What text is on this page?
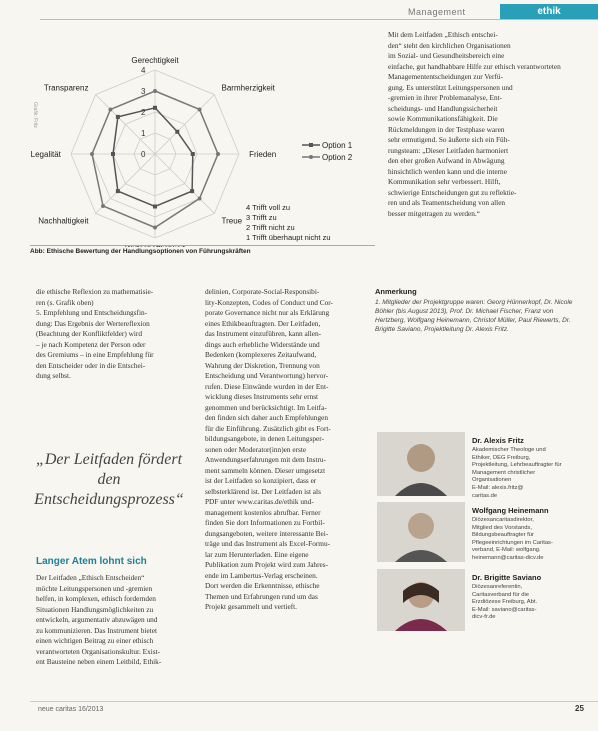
Management	ethik
4
3
2
1
0
Gerechtigkeit
Barmherzigkeit
Frieden
Treue
Nachhaltigkeit
Legalität
Transparenz
Option 1
Option 2
4 Trifft voll zu
3 Trifft zu
2 Trifft nicht zu
1 Trifft überhaupt nicht zu
Grafik: Fritz
Abb: Ethische Bewertung der Handlungsoptionen von Führungskräften

die ethische Reflexion zu mathematisie-

ren (s. Grafik oben)

5. Empfehlung und Entscheidungsfin-

dung: Das Ergebnis der Wertereflexion

(Beachtung der Konfliktfelder) wird

– je nach Kompetenz der Person oder

des Gremiums – in eine Empfehlung für

den Entscheider oder in die Entschei-

dung selbst.

„Der Leitfaden fördert den Entscheidungsprozess“
Langer Atem lohnt sich

Der Leitfaden „Ethisch Entscheiden“

möchte Leitungspersonen und -gremien

helfen, in komplexen, ethisch fordernden

Situationen Handlungsmöglichkeiten zu

entwickeln, argumentativ abzuwägen und

zu kommunizieren. Das Instrument bietet

einen wichtigen Beitrag zu einer ethisch

verantworteten Organisationskultur. Exist-

ent Bausteine neben einem Leitbild, Ethik-

delinien, Corporate-Social-Responsibi-

lity-Konzepten, Codes of Conduct und Cor-

porate Governance nicht nur als Erklärung

eines Ethikbeauftragten. Der Leitfaden,

das Instrument einzuführen, kann allen-

dings auch erhebliche Widerstände und

Bedenken (komplexeres Zeitaufwand,

Wahrung der Diskretion, Trennung von

Entscheidung und Verantwortung) hervor-

rufen. Diese Einwände wurden in der Ent-

wicklung dieses Instruments sehr ernst

genommen und berücksichtigt. Im Leitfa-

den finden sich daher auch Empfehlungen

für die Einführung. Zusätzlich gibt es Fort-

bildungsangebote, in denen Leitungsper-

sonen oder Moderator(inn)en erste

Anwendungserfahrungen mit dem Instru-

ment sammeln können. Dieser umgesetzt

ist der Leitfaden so konzipiert, dass er

selbsterklärend ist. Der Leitfaden ist als

PDF unter www.caritas.de/ethik und-

management kostenlos abrufbar. Ferner

finden Sie dort Informationen zu Fortbil-

dungsangeboten, weitere interessante Bei-

träge und das Instrument als Excel-Formu-

lar zum Herunterladen. Eine eigene

Publikation zum Projekt wird zum Jahres-

ende im Lambertus-Verlag erscheinen.

Dort werden die Erkenntnisse, ethische

Themen und Erfahrungen rund um das

Projekt gesammelt und vertieft.

Mit dem Leitfaden „Ethisch entschei-

den“ steht den kirchlichen Organisationen

im Sozial- und Gesundheitsbereich eine

einfache, gut handhabbare Hilfe zur ethisch verantworteten

Managemententscheidungen zur Verfü-

gung. Es unterstützt Leitungspersonen und

-gremien in ihrer Problemanalyse, Ent-

scheidungs- und Handlungssicherheit

sowie Kommunikationsfähigkeit. Die

Rückmeldungen in der Testphase waren

sehr ermutigend. So äußerte sich ein Füh-

rungsteam: „Dieser Leitfaden harmoniert

den eher großen Aufwand in Abwägung

hinsichtlich werden kann und die interne

Kommunikation sehr verbessert. Hilft,

schwierige Entscheidungen gut zu reflektie-

ren und als Teamentscheidung von allen

besser mitgetragen zu werden.“

Anmerkung
1. Mitglieder der Projektgruppe waren: Georg Hünnerkopf, Dr. Nicole Böhler (bis August 2013), Prof. Dr. Michael Fischer, Franz von Hertzberg, Wolfgang Heinemann, Christof Müller, Paul Riewerts, Dr. Brigitte Saviano, Projektleitung Dr. Alexis Fritz.
Dr. Alexis Fritz
Akademischer Theologe und
Ethiker, DEG Freiburg,
Projektleitung, Lehrbeauftragter für
Management christlicher
Organisationen
E-Mail: alexis.fritz@
caritas.de
Wolfgang Heinemann
Diözesancaritasdirektor,
Mitglied des Vorstands,
Bildungsbeauftragter für
Pflegeeinrichtungen im Caritas-
verband, E-Mail: wolfgang.
heinemann@caritas-dicv.de
Dr. Brigitte Saviano
Diözesanreferentin,
Caritasverband für die
Erzdiözese Freiburg, Abt.
E-Mail: saviano@caritas-
dicv-fr.de
neue caritas 16/2013	25
